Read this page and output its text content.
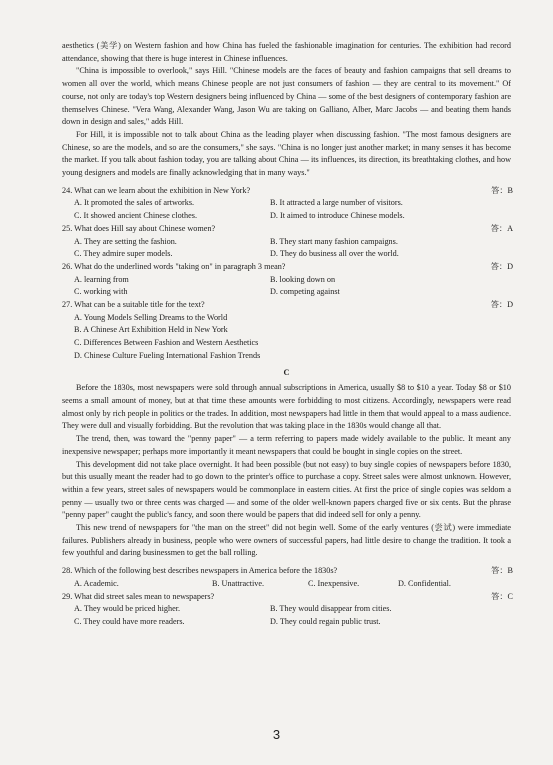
aesthetics (美学) on Western fashion and how China has fueled the fashionable imagination for centuries. The exhibition had record attendance, showing that there is huge interest in Chinese influences.

"China is impossible to overlook," says Hill. "Chinese models are the faces of beauty and fashion campaigns that sell dreams to women all over the world, which means Chinese people are not just consumers of fashion — they are central to its movement." Of course, not only are today's top Western designers being influenced by China — some of the best designers of contemporary fashion are themselves Chinese. "Vera Wang, Alexander Wang, Jason Wu are taking on Galliano, Alber, Marc Jacobs — and beating them hands down in design and sales," adds Hill.

For Hill, it is impossible not to talk about China as the leading player when discussing fashion. "The most famous designers are Chinese, so are the models, and so are the consumers," she says. "China is no longer just another market; in many senses it has become the market. If you talk about fashion today, you are talking about China — its influences, its direction, its breathtaking clothes, and how young designers and models are finally acknowledging that in many ways."

24. What can we learn about the exhibition in New York?	答：B
A. It promoted the sales of artworks.	B. It attracted a large number of visitors.
C. It showed ancient Chinese clothes.	D. It aimed to introduce Chinese models.
25. What does Hill say about Chinese women?	答：A
A. They are setting the fashion.	B. They start many fashion campaigns.
C. They admire super models.	D. They do business all over the world.
26. What do the underlined words "taking on" in paragraph 3 mean?	答：D
A. learning from	B. looking down on
C. working with	D. competing against
27. What can be a suitable title for the text?	答：D
A. Young Models Selling Dreams to the World
B. A Chinese Art Exhibition Held in New York
C. Differences Between Fashion and Western Aesthetics
D. Chinese Culture Fueling International Fashion Trends
C

Before the 1830s, most newspapers were sold through annual subscriptions in America, usually $8 to $10 a year. Today $8 or $10 seems a small amount of money, but at that time these amounts were forbidding to most citizens. Accordingly, newspapers were read almost only by rich people in politics or the trades. In addition, most newspapers had little in them that would appeal to a mass audience. They were dull and visually forbidding. But the revolution that was taking place in the 1830s would change all that.

The trend, then, was toward the "penny paper" — a term referring to papers made widely available to the public. It meant any inexpensive newspaper; perhaps more importantly it meant newspapers that could be bought in single copies on the street.

This development did not take place overnight. It had been possible (but not easy) to buy single copies of newspapers before 1830, but this usually meant the reader had to go down to the printer's office to purchase a copy. Street sales were almost unknown. However, within a few years, street sales of newspapers would be commonplace in eastern cities. At first the price of single copies was seldom a penny — usually two or three cents was charged — and some of the older well-known papers charged five or six cents. But the phrase "penny paper" caught the public's fancy, and soon there would be papers that did indeed sell for only a penny.

This new trend of newspapers for "the man on the street" did not begin well. Some of the early ventures (尝试) were immediate failures. Publishers already in business, people who were owners of successful papers, had little desire to change the tradition. It took a few youthful and daring businessmen to get the ball rolling.

28. Which of the following best describes newspapers in America before the 1830s?	答：B
A. Academic.	B. Unattractive.	C. Inexpensive.	D. Confidential.
29. What did street sales mean to newspapers?	答：C
A. They would be priced higher.	B. They would disappear from cities.
C. They could have more readers.	D. They could regain public trust.
3
